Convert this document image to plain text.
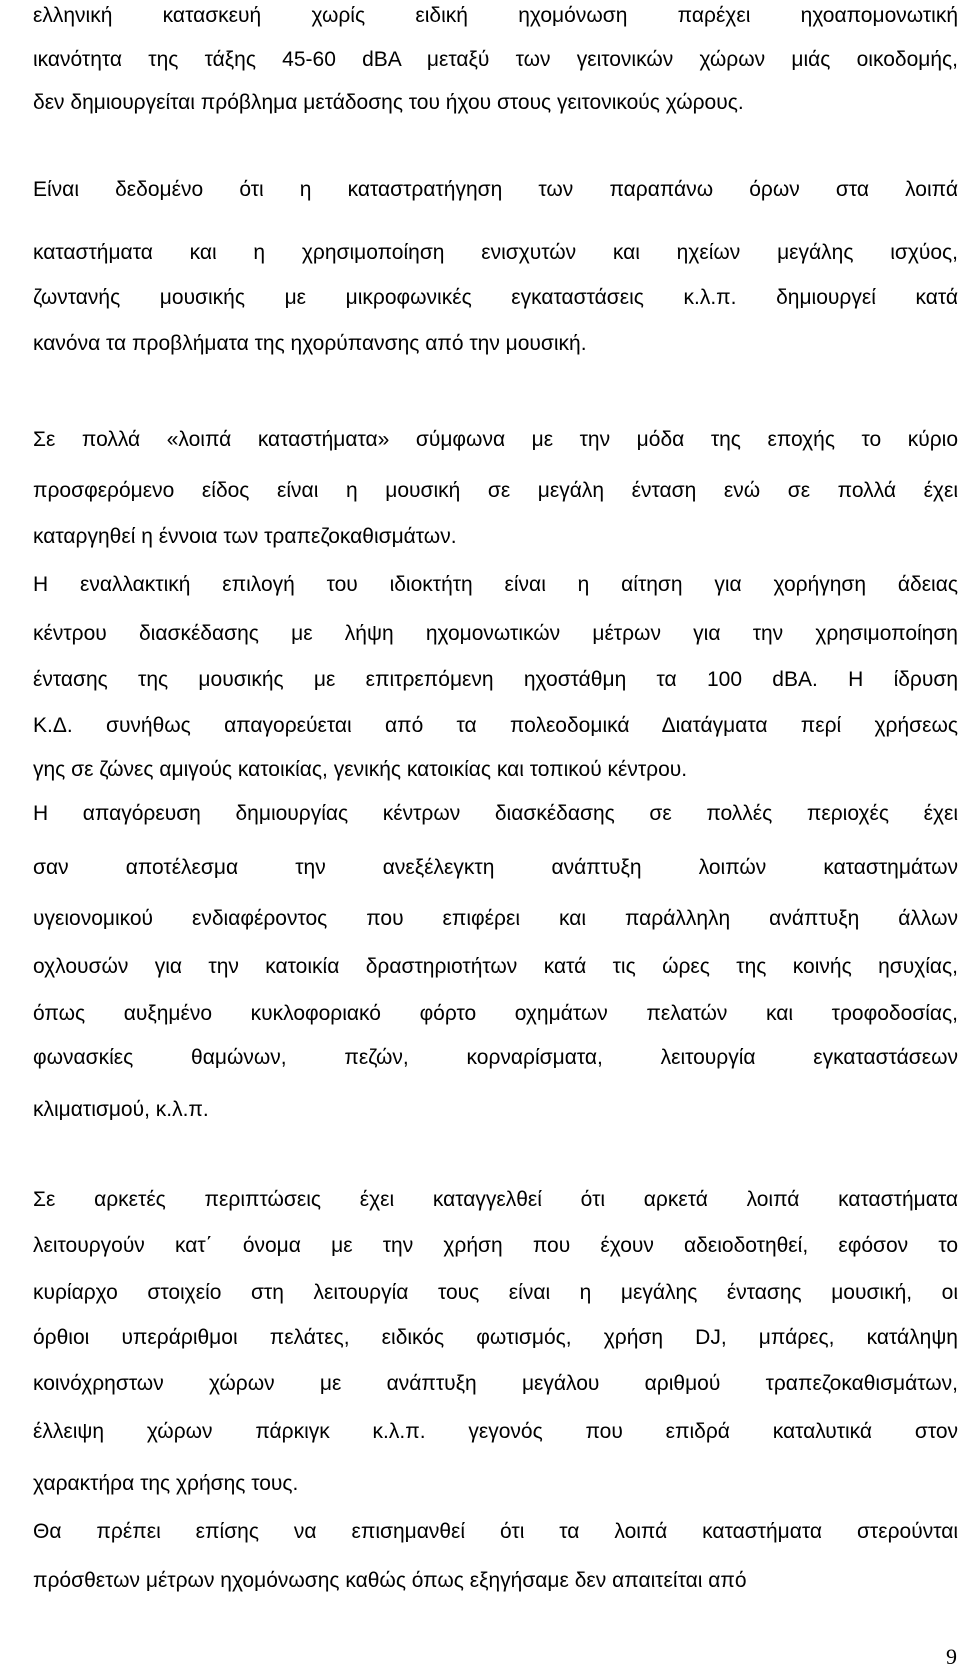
ελληνική κατασκευή χωρίς ειδική ηχομόνωση παρέχει ηχοαπομονωτική
ικανότητα της τάξης 45-60 dBA μεταξύ των γειτονικών χώρων μιάς οικοδομής,
δεν δημιουργείται πρόβλημα μετάδοσης του ήχου στους γειτονικούς χώρους.
Είναι δεδομένο ότι η καταστρατήγηση των παραπάνω όρων στα λοιπά
καταστήματα και η χρησιμοποίηση ενισχυτών και ηχείων μεγάλης ισχύος,
ζωντανής μουσικής με μικροφωνικές εγκαταστάσεις κ.λ.π. δημιουργεί κατά
κανόνα τα προβλήματα της ηχορύπανσης από την μουσική.
Σε πολλά «λοιπά καταστήματα» σύμφωνα με την μόδα της εποχής το κύριο
προσφερόμενο είδος είναι η μουσική σε μεγάλη ένταση ενώ σε πολλά έχει
καταργηθεί η έννοια των τραπεζοκαθισμάτων.
Η εναλλακτική επιλογή του ιδιοκτήτη είναι η αίτηση για χορήγηση άδειας
κέντρου διασκέδασης με λήψη ηχομονωτικών μέτρων για την χρησιμοποίηση
έντασης της μουσικής με επιτρεπόμενη ηχοστάθμη τα 100 dBA. Η ίδρυση
Κ.Δ. συνήθως απαγορεύεται από τα πολεοδομικά Διατάγματα περί χρήσεως
γης σε ζώνες αμιγούς κατοικίας, γενικής κατοικίας και τοπικού κέντρου.
Η απαγόρευση δημιουργίας κέντρων διασκέδασης σε πολλές περιοχές έχει
σαν αποτέλεσμα την ανεξέλεγκτη ανάπτυξη λοιπών καταστημάτων
υγειονομικού ενδιαφέροντος που επιφέρει και παράλληλη ανάπτυξη άλλων
οχλουσών για την κατοικία δραστηριοτήτων κατά τις ώρες της κοινής ησυχίας,
όπως αυξημένο κυκλοφοριακό φόρτο οχημάτων πελατών και τροφοδοσίας,
φωνασκίες θαμώνων, πεζών, κορναρίσματα, λειτουργία εγκαταστάσεων
κλιματισμού, κ.λ.π.
Σε αρκετές περιπτώσεις έχει καταγγελθεί ότι αρκετά λοιπά καταστήματα
λειτουργούν κατ΄ όνομα με την χρήση που έχουν αδειοδοτηθεί, εφόσον το
κυρίαρχο στοιχείο στη λειτουργία τους είναι η μεγάλης έντασης μουσική, οι
όρθιοι υπεράριθμοι πελάτες, ειδικός φωτισμός, χρήση DJ, μπάρες, κατάληψη
κοινόχρηστων χώρων με ανάπτυξη μεγάλου αριθμού τραπεζοκαθισμάτων,
έλλειψη χώρων πάρκιγκ κ.λ.π. γεγονός που επιδρά καταλυτικά στον
χαρακτήρα της χρήσης τους.
Θα πρέπει επίσης να επισημανθεί ότι τα λοιπά καταστήματα στερούνται
πρόσθετων μέτρων ηχομόνωσης καθώς όπως εξηγήσαμε δεν απαιτείται από
9
